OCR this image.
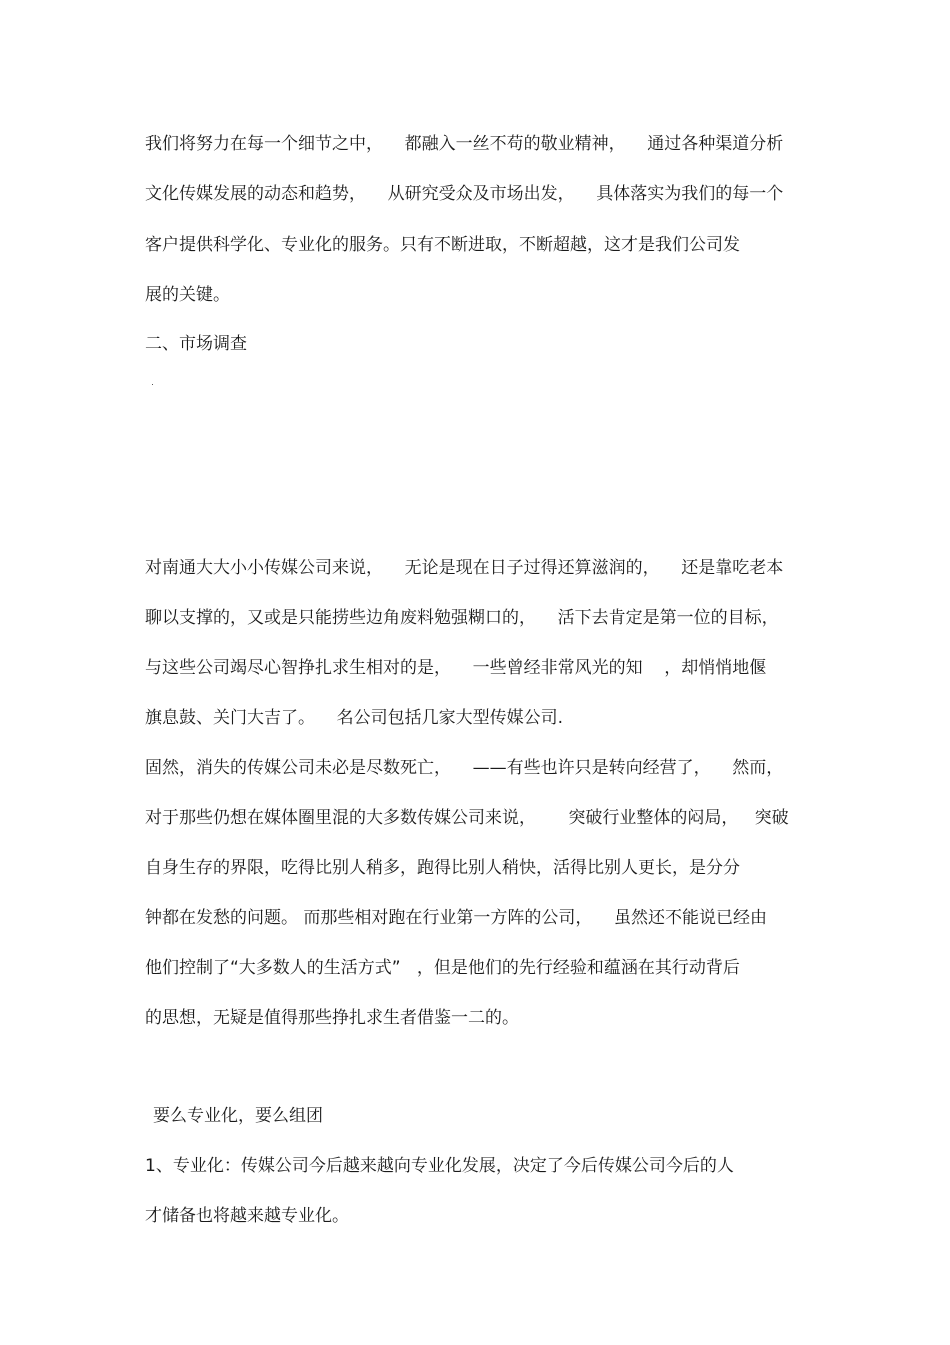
我们将努力在每一个细节之中，    都融入一丝不苟的敬业精神，    通过各种渠道分析

文化传媒发展的动态和趋势，    从研究受众及市场出发，    具体落实为我们的每一个

客户提供科学化、专业化的服务。只有不断进取，不断超越，这才是我们公司发

展的关键。

二、市场调查

对南通大大小小传媒公司来说，    无论是现在日子过得还算滋润的，    还是靠吃老本

聊以支撑的，又或是只能捞些边角废料勉强糊口的，    活下去肯定是第一位的目标，

与这些公司竭尽心智挣扎求生相对的是，    一些曾经非常风光的知    ，却悄悄地偃

旗息鼓、关门大吉了。    名公司包括几家大型传媒公司.

固然，消失的传媒公司未必是尽数死亡，    ——有些也许只是转向经营了，    然而，

对于那些仍想在媒体圈里混的大多数传媒公司来说，      突破行业整体的闷局，   突破

自身生存的界限，吃得比别人稍多，跑得比别人稍快，活得比别人更长，是分分

钟都在发愁的问题。 而那些相对跑在行业第一方阵的公司，    虽然还不能说已经由

他们控制了“大多数人的生活方式”   ，但是他们的先行经验和蕴涵在其行动背后

的思想，无疑是值得那些挣扎求生者借鉴一二的。

要么专业化，要么组团

1、专业化：传媒公司今后越来越向专业化发展，决定了今后传媒公司今后的人

才储备也将越来越专业化。
